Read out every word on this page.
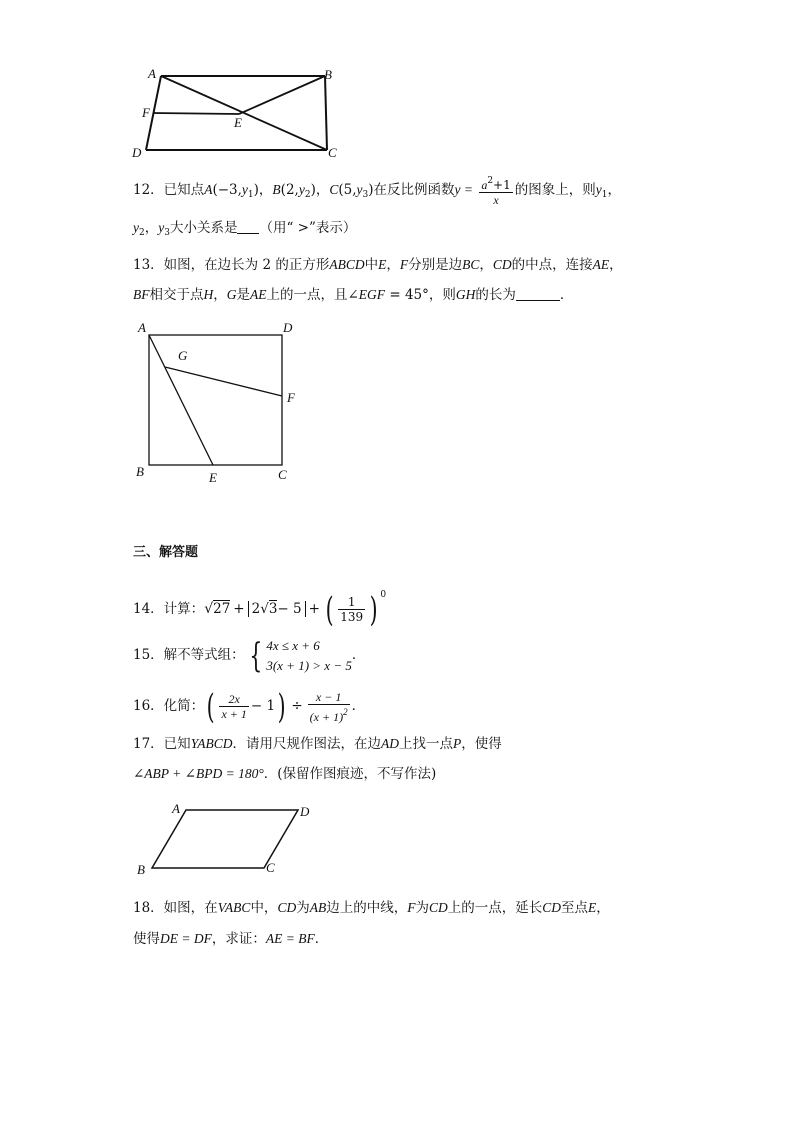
A	B
F
E
D	C
12．已知点$A(-3,y_1)$，$B(2,y_2)$，$C(5,y_3)$在反比例函数$y = \frac{a^2+1}{x}$ 的图象上，则$y_1$，
$y_2$，$y_3$大小关系是 （用“ >”表示）
13．如图，在边长为 2 的正方形ABCD中E，F分别是边BC，CD的中点，连接AE，
BF相交于点H，G是AE上的一点，且∠EGF = 45°，则GH的长为	．
A	D
G
F
B	E	C
三、解答题
14．计算：√27 + 2√3− 5 + ( $\frac{1}{139}$ ) $^0$
15．解不等式组： { 4x ≤ x + 6
3(x + 1) > x − 5
．
16．化简：( $\frac{2x}{x + 1} - 1) \div \frac{x - 1}{(x + 1)^2}$ ．
17．已知YABCD．请用尺规作图法，在边AD上找一点P，使得
∠ABP + ∠BPD = 180°．(保留作图痕迹，不写作法)
A	D
B	C
18．如图，在VABC中，CD为AB边上的中线，F为CD上的一点，延长CD至点E，
使得DE = DF，求证：AE = BF．
